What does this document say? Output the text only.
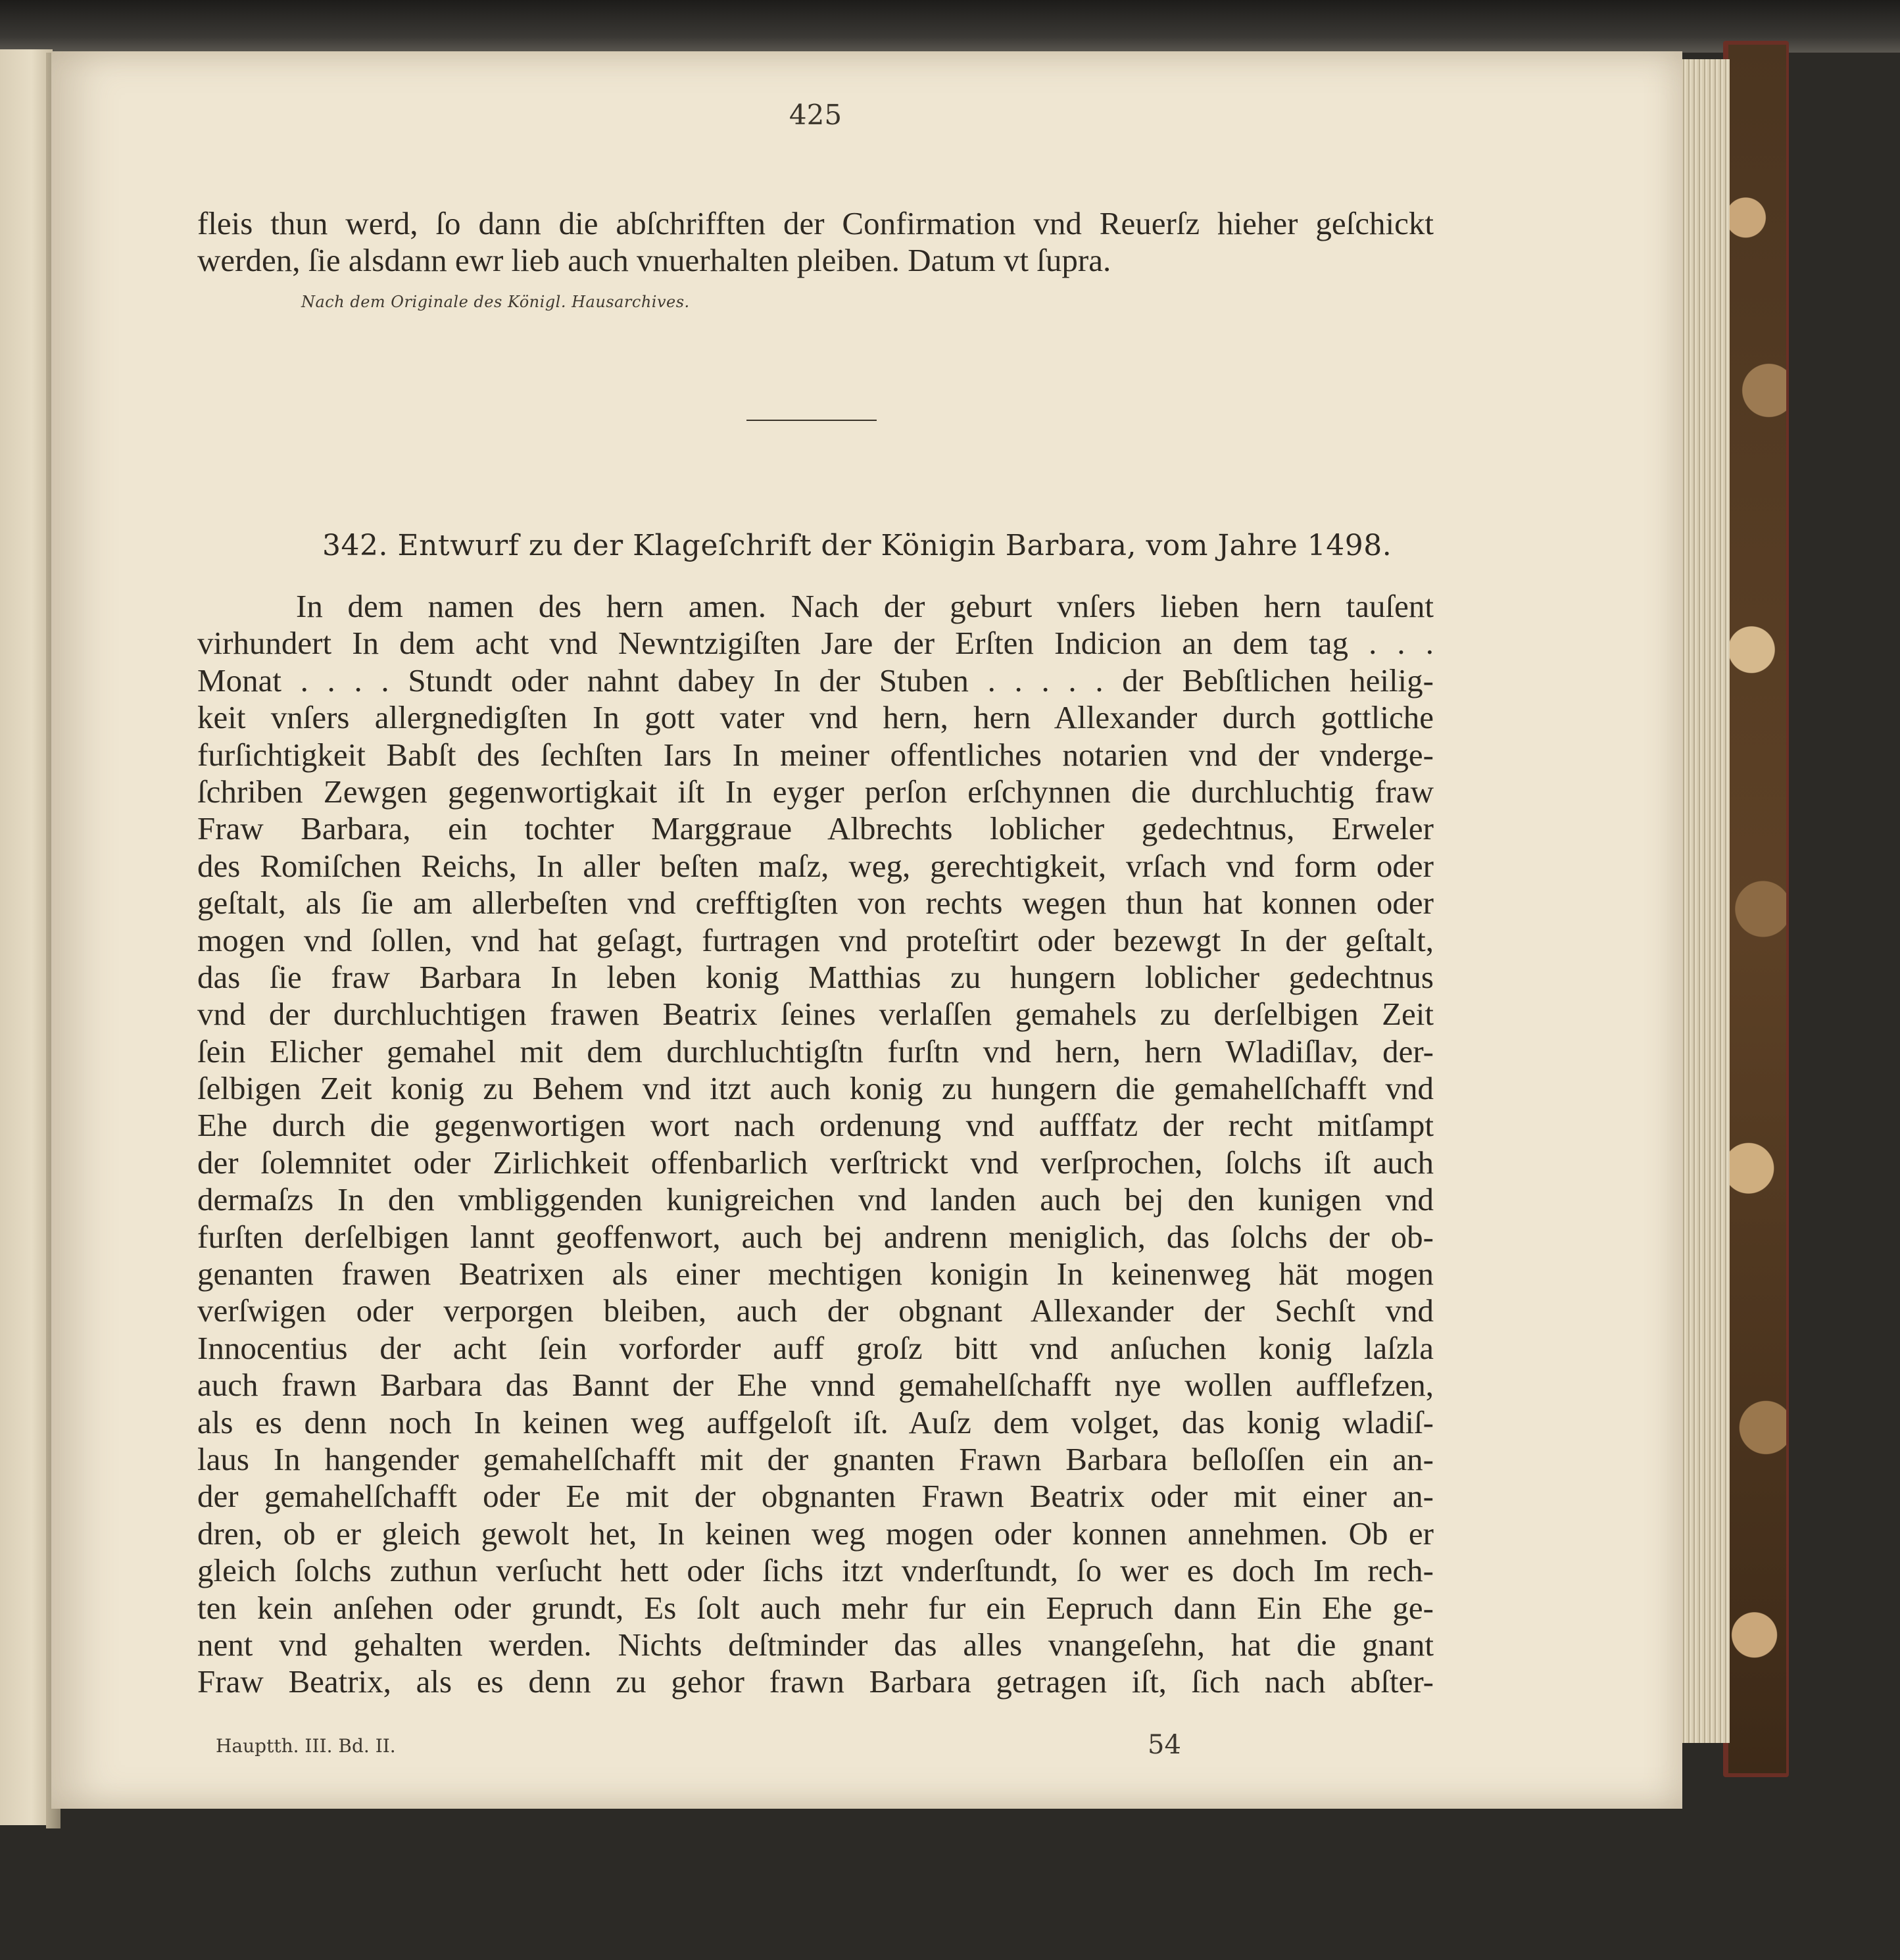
425
fleis thun werd, ſo dann die abſchrifften der Confirmation vnd Reuerſz hieher geſchickt
werden, ſie alsdann ewr lieb auch vnuerhalten pleiben. Datum vt ſupra.
Nach dem Originale des Königl. Hausarchives.
342. Entwurf zu der Klageſchrift der Königin Barbara, vom Jahre 1498.
In dem namen des hern amen. Nach der geburt vnſers lieben hern tauſent
virhundert In dem acht vnd Newntzigiſten Jare der Erſten Indicion an dem tag . . .
Monat . . . . Stundt oder nahnt dabey In der Stuben . . . . . der Bebſtlichen heilig-
keit vnſers allergnedigſten In gott vater vnd hern, hern Allexander durch gottliche
furſichtigkeit Babſt des ſechſten Iars In meiner offentliches notarien vnd der vnderge-
ſchriben Zewgen gegenwortigkait iſt In eyger perſon erſchynnen die durchluchtig fraw
Fraw Barbara, ein tochter Marggraue Albrechts loblicher gedechtnus, Erweler
des Romiſchen Reichs, In aller beſten maſz, weg, gerechtigkeit, vrſach vnd form oder
geſtalt, als ſie am allerbeſten vnd crefftigſten von rechts wegen thun hat konnen oder
mogen vnd ſollen, vnd hat geſagt, furtragen vnd proteſtirt oder bezewgt In der geſtalt,
das ſie fraw Barbara In leben konig Matthias zu hungern loblicher gedechtnus
vnd der durchluchtigen frawen Beatrix ſeines verlaſſen gemahels zu derſelbigen Zeit
ſein Elicher gemahel mit dem durchluchtigſtn furſtn vnd hern, hern Wladiſlav, der-
ſelbigen Zeit konig zu Behem vnd itzt auch konig zu hungern die gemahelſchafft vnd
Ehe durch die gegenwortigen wort nach ordenung vnd aufffatz der recht mitſampt
der ſolemnitet oder Zirlichkeit offenbarlich verſtrickt vnd verſprochen, ſolchs iſt auch
dermaſzs In den vmbliggenden kunigreichen vnd landen auch bej den kunigen vnd
furſten derſelbigen lannt geoffenwort, auch bej andrenn meniglich, das ſolchs der ob-
genanten frawen Beatrixen als einer mechtigen konigin In keinenweg hät mogen
verſwigen oder verporgen bleiben, auch der obgnant Allexander der Sechſt vnd
Innocentius der acht ſein vorforder auff groſz bitt vnd anſuchen konig laſzla
auch frawn Barbara das Bannt der Ehe vnnd gemahelſchafft nye wollen aufflefzen,
als es denn noch In keinen weg auffgeloſt iſt. Auſz dem volget, das konig wladiſ-
laus In hangender gemahelſchafft mit der gnanten Frawn Barbara beſloſſen ein an-
der gemahelſchafft oder Ee mit der obgnanten Frawn Beatrix oder mit einer an-
dren, ob er gleich gewolt het, In keinen weg mogen oder konnen annehmen. Ob er
gleich ſolchs zuthun verſucht hett oder ſichs itzt vnderſtundt, ſo wer es doch Im rech-
ten kein anſehen oder grundt, Es ſolt auch mehr fur ein Eepruch dann Ein Ehe ge-
nent vnd gehalten werden. Nichts deſtminder das alles vnangeſehn, hat die gnant
Fraw Beatrix, als es denn zu gehor frawn Barbara getragen iſt, ſich nach abſter-
Hauptth. III. Bd. II.	54
